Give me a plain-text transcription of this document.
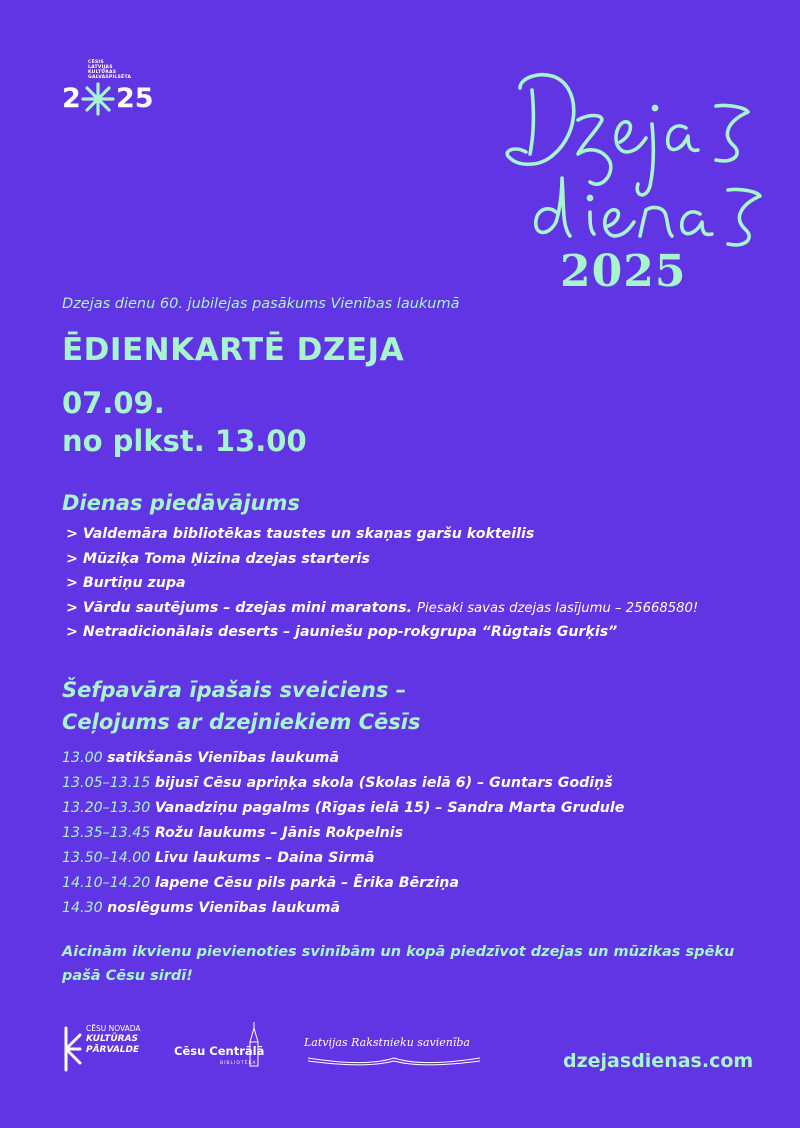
CĒSIS
LATVIJAS
KULTŪRAS
GALVASPILSĒTA
2 25
2025
Dzejas dienu 60. jubilejas pasākums Vienības laukumā
ĒDIENKARTĒ DZEJA
07.09.
no plkst. 13.00
Dienas piedāvājums
> Valdemāra bibliotēkas taustes un skaņas garšu kokteilis
> Mūziķa Toma Ņizina dzejas starteris
> Burtiņu zupa
> Vārdu sautējums – dzejas mini maratons. Piesaki savas dzejas lasījumu – 25668580!
> Netradicionālais deserts – jauniešu pop-rokgrupa “Rūgtais Gurķis”
Šefpavāra īpašais sveiciens –
Ceļojums ar dzejniekiem Cēsīs
13.00 satikšanās Vienības laukumā
13.05–13.15 bijusī Cēsu apriņķa skola (Skolas ielā 6) – Guntars Godiņš
13.20–13.30 Vanadziņu pagalms (Rīgas ielā 15) – Sandra Marta Grudule
13.35–13.45 Rožu laukums – Jānis Rokpelnis
13.50–14.00 Līvu laukums – Daina Sirmā
14.10–14.20 lapene Cēsu pils parkā – Ērika Bērziņa
14.30 noslēgums Vienības laukumā
Aicinām ikvienu pievienoties svinībām un kopā piedzīvot dzejas un mūzikas spēku
pašā Cēsu sirdī!
CĒSU NOVADA
KULTŪRAS
PĀRVALDE	Cēsu Centrālā
BIBLIOTĒKA
Latvijas Rakstnieku savienība
dzejasdienas.com
